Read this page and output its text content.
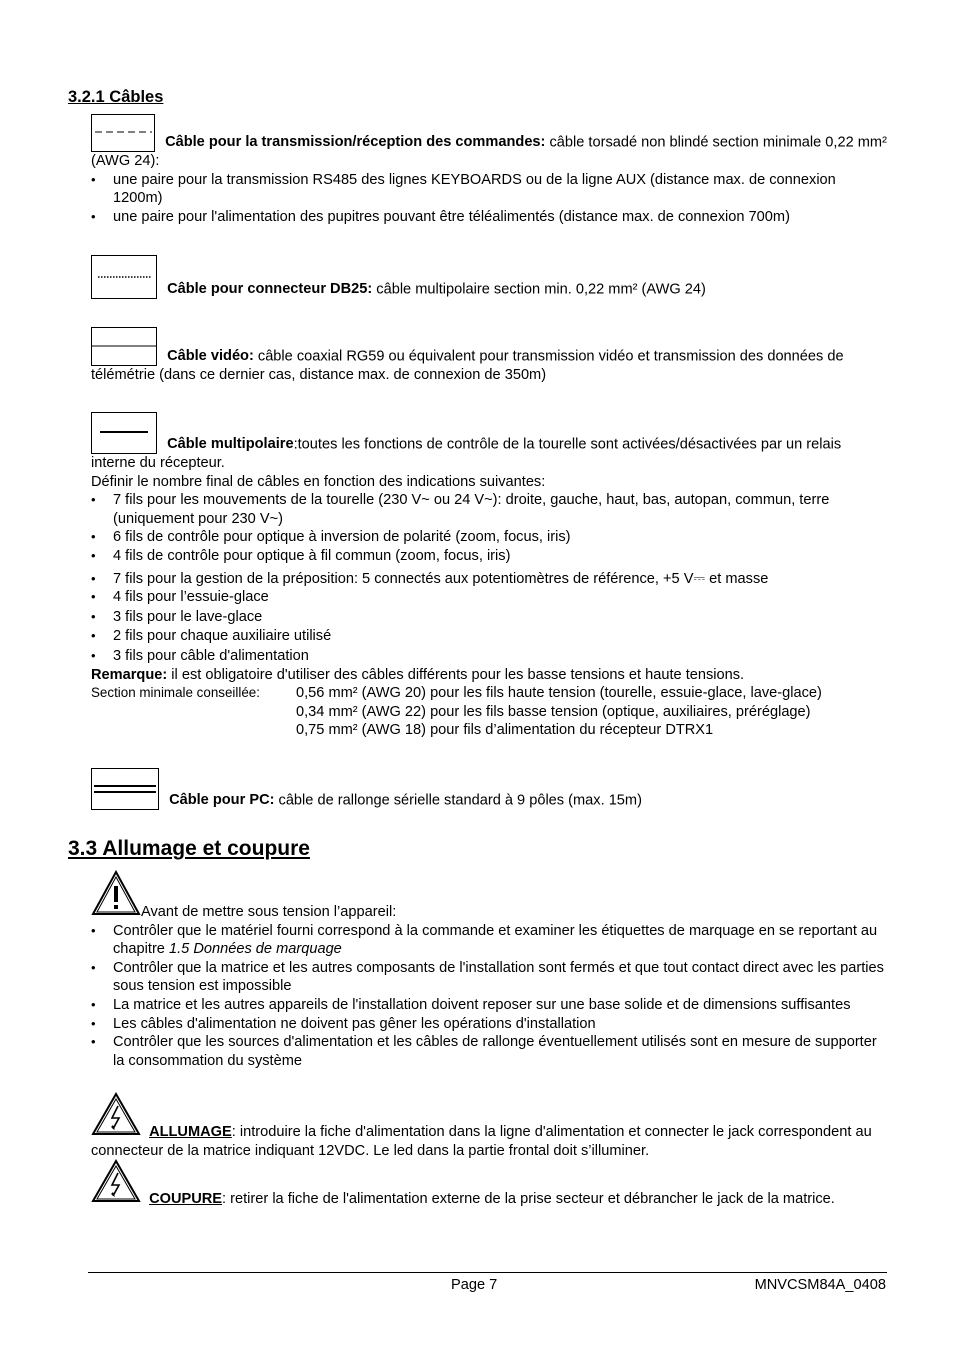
3.2.1 Câbles
Câble pour la transmission/réception des commandes: câble torsadé non blindé section minimale 0,22 mm² (AWG 24):
• une paire pour la transmission RS485 des lignes KEYBOARDS ou de la ligne AUX (distance max. de connexion 1200m)
• une paire pour l'alimentation des pupitres pouvant être téléalimentés (distance max. de connexion 700m)
Câble pour connecteur DB25: câble multipolaire section min. 0,22 mm² (AWG 24)
Câble vidéo: câble coaxial RG59 ou équivalent pour transmission vidéo et transmission des données de télémétrie (dans ce dernier cas, distance max. de connexion de 350m)
Câble multipolaire:toutes les fonctions de contrôle de la tourelle sont activées/désactivées par un relais interne du récepteur.
Définir le nombre final de câbles en fonction des indications suivantes:
• 7 fils pour les mouvements de la tourelle (230 V~ ou 24 V~): droite, gauche, haut, bas, autopan, commun, terre (uniquement pour 230 V~)
• 6 fils de contrôle pour optique à inversion de polarité (zoom, focus, iris)
• 4 fils de contrôle pour optique à fil commun (zoom, focus, iris)
• 7 fils pour la gestion de la préposition: 5 connectés aux potentiomètres de référence, +5 V⎓ et masse
• 4 fils pour l’essuie-glace
• 3 fils pour le lave-glace
• 2 fils pour chaque auxiliaire utilisé
• 3 fils pour câble d'alimentation
Remarque: il est obligatoire d'utiliser des câbles différents pour les basse tensions et haute tensions.
Section minimale conseillée:	0,56 mm² (AWG 20) pour les fils haute tension (tourelle, essuie-glace, lave-glace)
0,34 mm² (AWG 22) pour les fils basse tension (optique, auxiliaires, préréglage)
0,75 mm² (AWG 18) pour fils d’alimentation du récepteur DTRX1
Câble pour PC: câble de rallonge sérielle standard à 9 pôles (max. 15m)
3.3 Allumage et coupure
Avant de mettre sous tension l’appareil:
• Contrôler que le matériel fourni correspond à la commande et examiner les étiquettes de marquage en se reportant au chapitre 1.5 Données de marquage
• Contrôler que la matrice et les autres composants de l'installation sont fermés et que tout contact direct avec les parties sous tension est impossible
• La matrice et les autres appareils de l'installation doivent reposer sur une base solide et de dimensions suffisantes
• Les câbles d'alimentation ne doivent pas gêner les opérations d'installation
• Contrôler que les sources d'alimentation et les câbles de rallonge éventuellement utilisés sont en mesure de supporter la consommation du système
ALLUMAGE: introduire la fiche d'alimentation dans la ligne d'alimentation et connecter le jack correspondent au connecteur de la matrice indiquant 12VDC. Le led dans la partie frontal doit s’illuminer.
COUPURE: retirer la fiche de l'alimentation externe de la prise secteur et débrancher le jack de la matrice.
Page 7	MNVCSM84A_0408
